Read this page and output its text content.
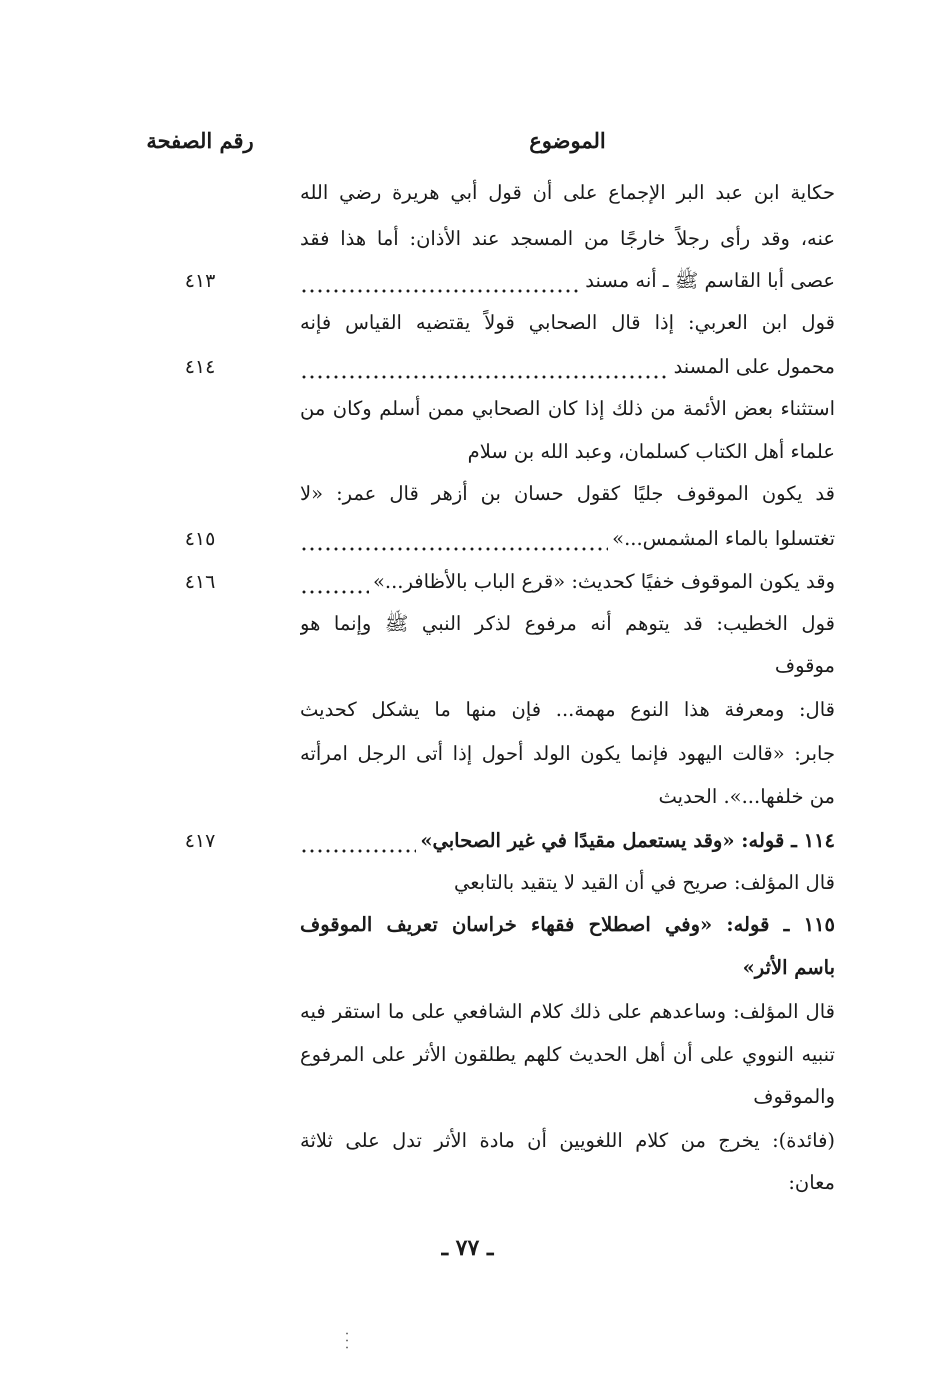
الموضوع
رقم الصفحة
حكاية ابن عبد البر الإجماع على أن قول أبي هريرة رضي الله
عنه، وقد رأى رجلاً خارجًا من المسجد عند الأذان: أما هذا فقد
عصى أبا القاسم ﷺ ـ أنه مسند
٤١٣
قول ابن العربي: إذا قال الصحابي قولاً يقتضيه القياس فإنه
محمول على المسند
٤١٤
استثناء بعض الأئمة من ذلك إذا كان الصحابي ممن أسلم وكان من
علماء أهل الكتاب كسلمان، وعبد الله بن سلام
قد يكون الموقوف جليًا كقول حسان بن أزهر قال عمر: «لا
تغتسلوا بالماء المشمس...»
٤١٥
وقد يكون الموقوف خفيًا كحديث: «قرع الباب بالأظافر...»
٤١٦
قول الخطيب: قد يتوهم أنه مرفوع لذكر النبي ﷺ وإنما هو
موقوف
قال: ومعرفة هذا النوع مهمة... فإن منها ما يشكل كحديث
جابر: «قالت اليهود فإنما يكون الولد أحول إذا أتى الرجل امرأته
من خلفها...». الحديث
١١٤ ـ قوله: «وقد يستعمل مقيدًا في غير الصحابي»
٤١٧
قال المؤلف: صريح في أن القيد لا يتقيد بالتابعي
١١٥ ـ قوله: «وفي اصطلاح فقهاء خراسان تعريف الموقوف
باسم الأثر»
قال المؤلف: وساعدهم على ذلك كلام الشافعي على ما استقر فيه
تنبيه النووي على أن أهل الحديث كلهم يطلقون الأثر على المرفوع
والموقوف
(فائدة): يخرج من كلام اللغويين أن مادة الأثر تدل على ثلاثة
معان:
ـ ٧٧ ـ
